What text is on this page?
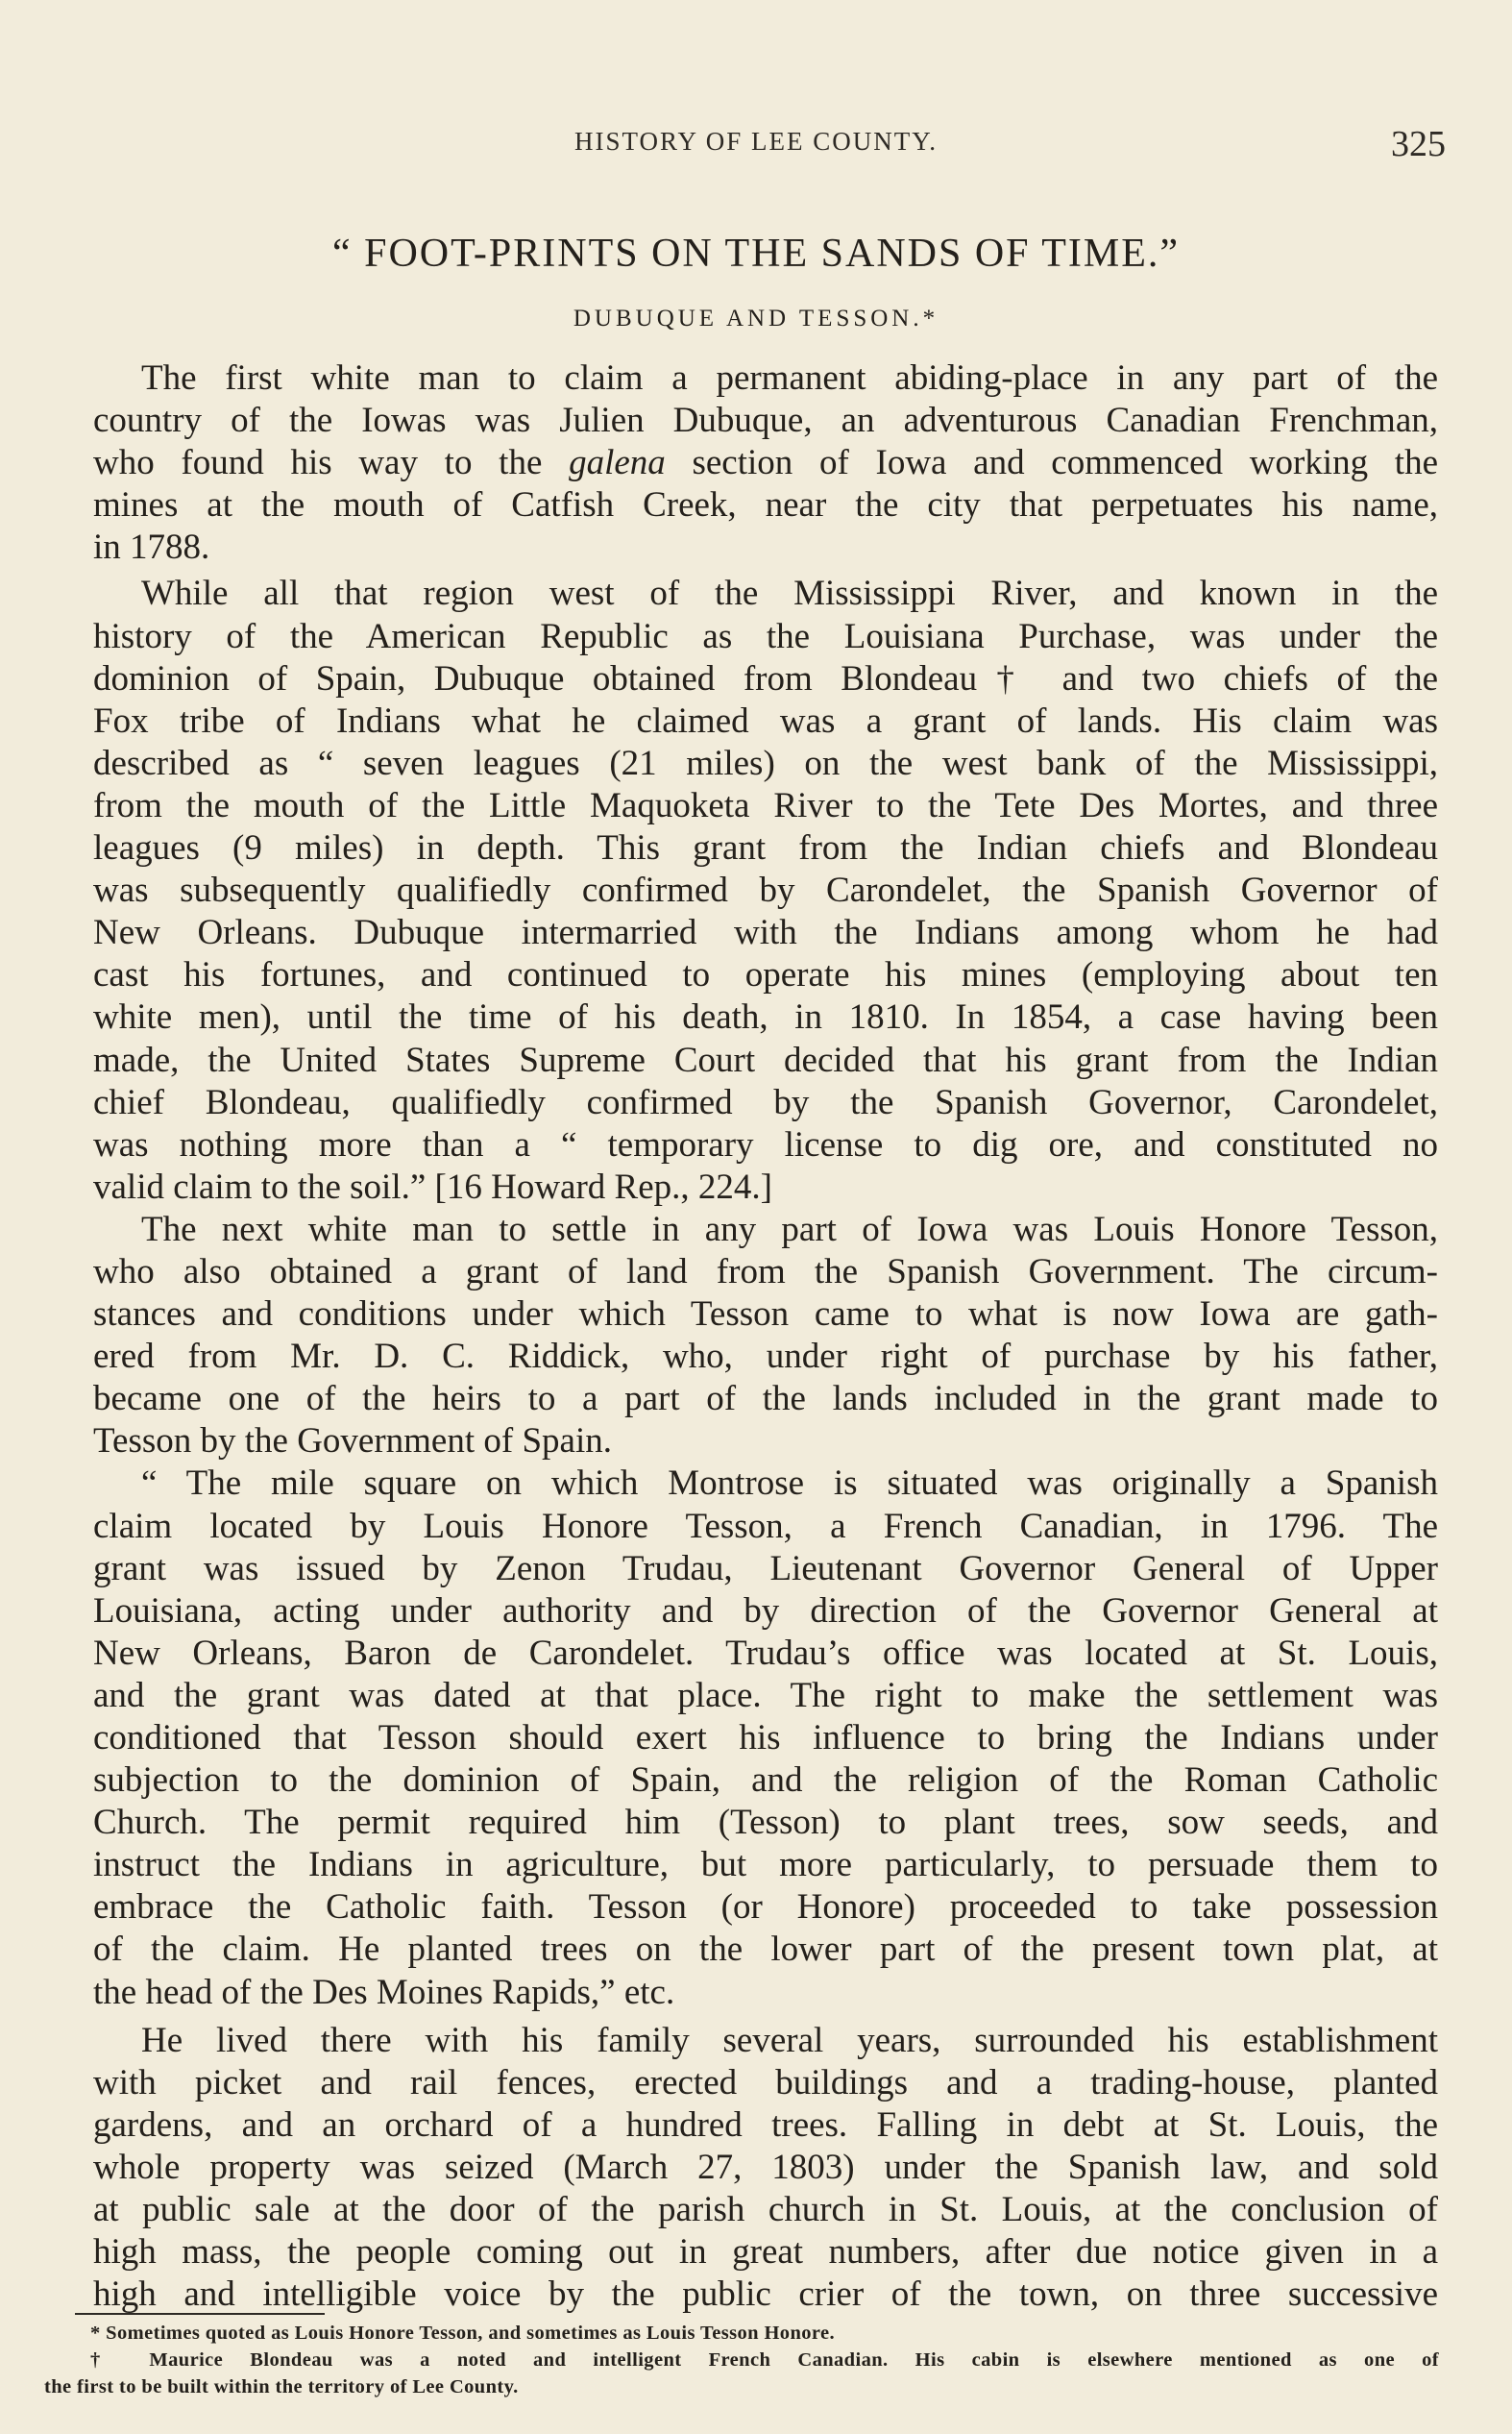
HISTORY OF LEE COUNTY.	325
“ FOOT-PRINTS ON THE SANDS OF TIME.”
DUBUQUE AND TESSON.*
The first white man to claim a permanent abiding-place in any part of the
country of the Iowas was Julien Dubuque, an adventurous Canadian Frenchman,
who found his way to the galena section of Iowa and commenced working the
mines at the mouth of Catfish Creek, near the city that perpetuates his name,
in 1788.
While all that region west of the Mississippi River, and known in the
history of the American Republic as the Louisiana Purchase, was under the
dominion of Spain, Dubuque obtained from Blondeau† and two chiefs of the
Fox tribe of Indians what he claimed was a grant of lands. His claim was
described as “ seven leagues (21 miles) on the west bank of the Mississippi,
from the mouth of the Little Maquoketa River to the Tete Des Mortes, and three
leagues (9 miles) in depth. This grant from the Indian chiefs and Blondeau
was subsequently qualifiedly confirmed by Carondelet, the Spanish Governor of
New Orleans. Dubuque intermarried with the Indians among whom he had
cast his fortunes, and continued to operate his mines (employing about ten
white men), until the time of his death, in 1810. In 1854, a case having been
made, the United States Supreme Court decided that his grant from the Indian
chief Blondeau, qualifiedly confirmed by the Spanish Governor, Carondelet,
was nothing more than a “ temporary license to dig ore, and constituted no
valid claim to the soil.” [16 Howard Rep., 224.]
The next white man to settle in any part of Iowa was Louis Honore Tesson,
who also obtained a grant of land from the Spanish Government. The circum-
stances and conditions under which Tesson came to what is now Iowa are gath-
ered from Mr. D. C. Riddick, who, under right of purchase by his father,
became one of the heirs to a part of the lands included in the grant made to
Tesson by the Government of Spain.
“ The mile square on which Montrose is situated was originally a Spanish
claim located by Louis Honore Tesson, a French Canadian, in 1796. The
grant was issued by Zenon Trudau, Lieutenant Governor General of Upper
Louisiana, acting under authority and by direction of the Governor General at
New Orleans, Baron de Carondelet. Trudau’s office was located at St. Louis,
and the grant was dated at that place. The right to make the settlement was
conditioned that Tesson should exert his influence to bring the Indians under
subjection to the dominion of Spain, and the religion of the Roman Catholic
Church. The permit required him (Tesson) to plant trees, sow seeds, and
instruct the Indians in agriculture, but more particularly, to persuade them to
embrace the Catholic faith. Tesson (or Honore) proceeded to take possession
of the claim. He planted trees on the lower part of the present town plat, at
the head of the Des Moines Rapids,” etc.
He lived there with his family several years, surrounded his establishment
with picket and rail fences, erected buildings and a trading-house, planted
gardens, and an orchard of a hundred trees. Falling in debt at St. Louis, the
whole property was seized (March 27, 1803) under the Spanish law, and sold
at public sale at the door of the parish church in St. Louis, at the conclusion of
high mass, the people coming out in great numbers, after due notice given in a
high and intelligible voice by the public crier of the town, on three successive
* Sometimes quoted as Louis Honore Tesson, and sometimes as Louis Tesson Honore.
† Maurice Blondeau was a noted and intelligent French Canadian. His cabin is elsewhere mentioned as one of
the first to be built within the territory of Lee County.
